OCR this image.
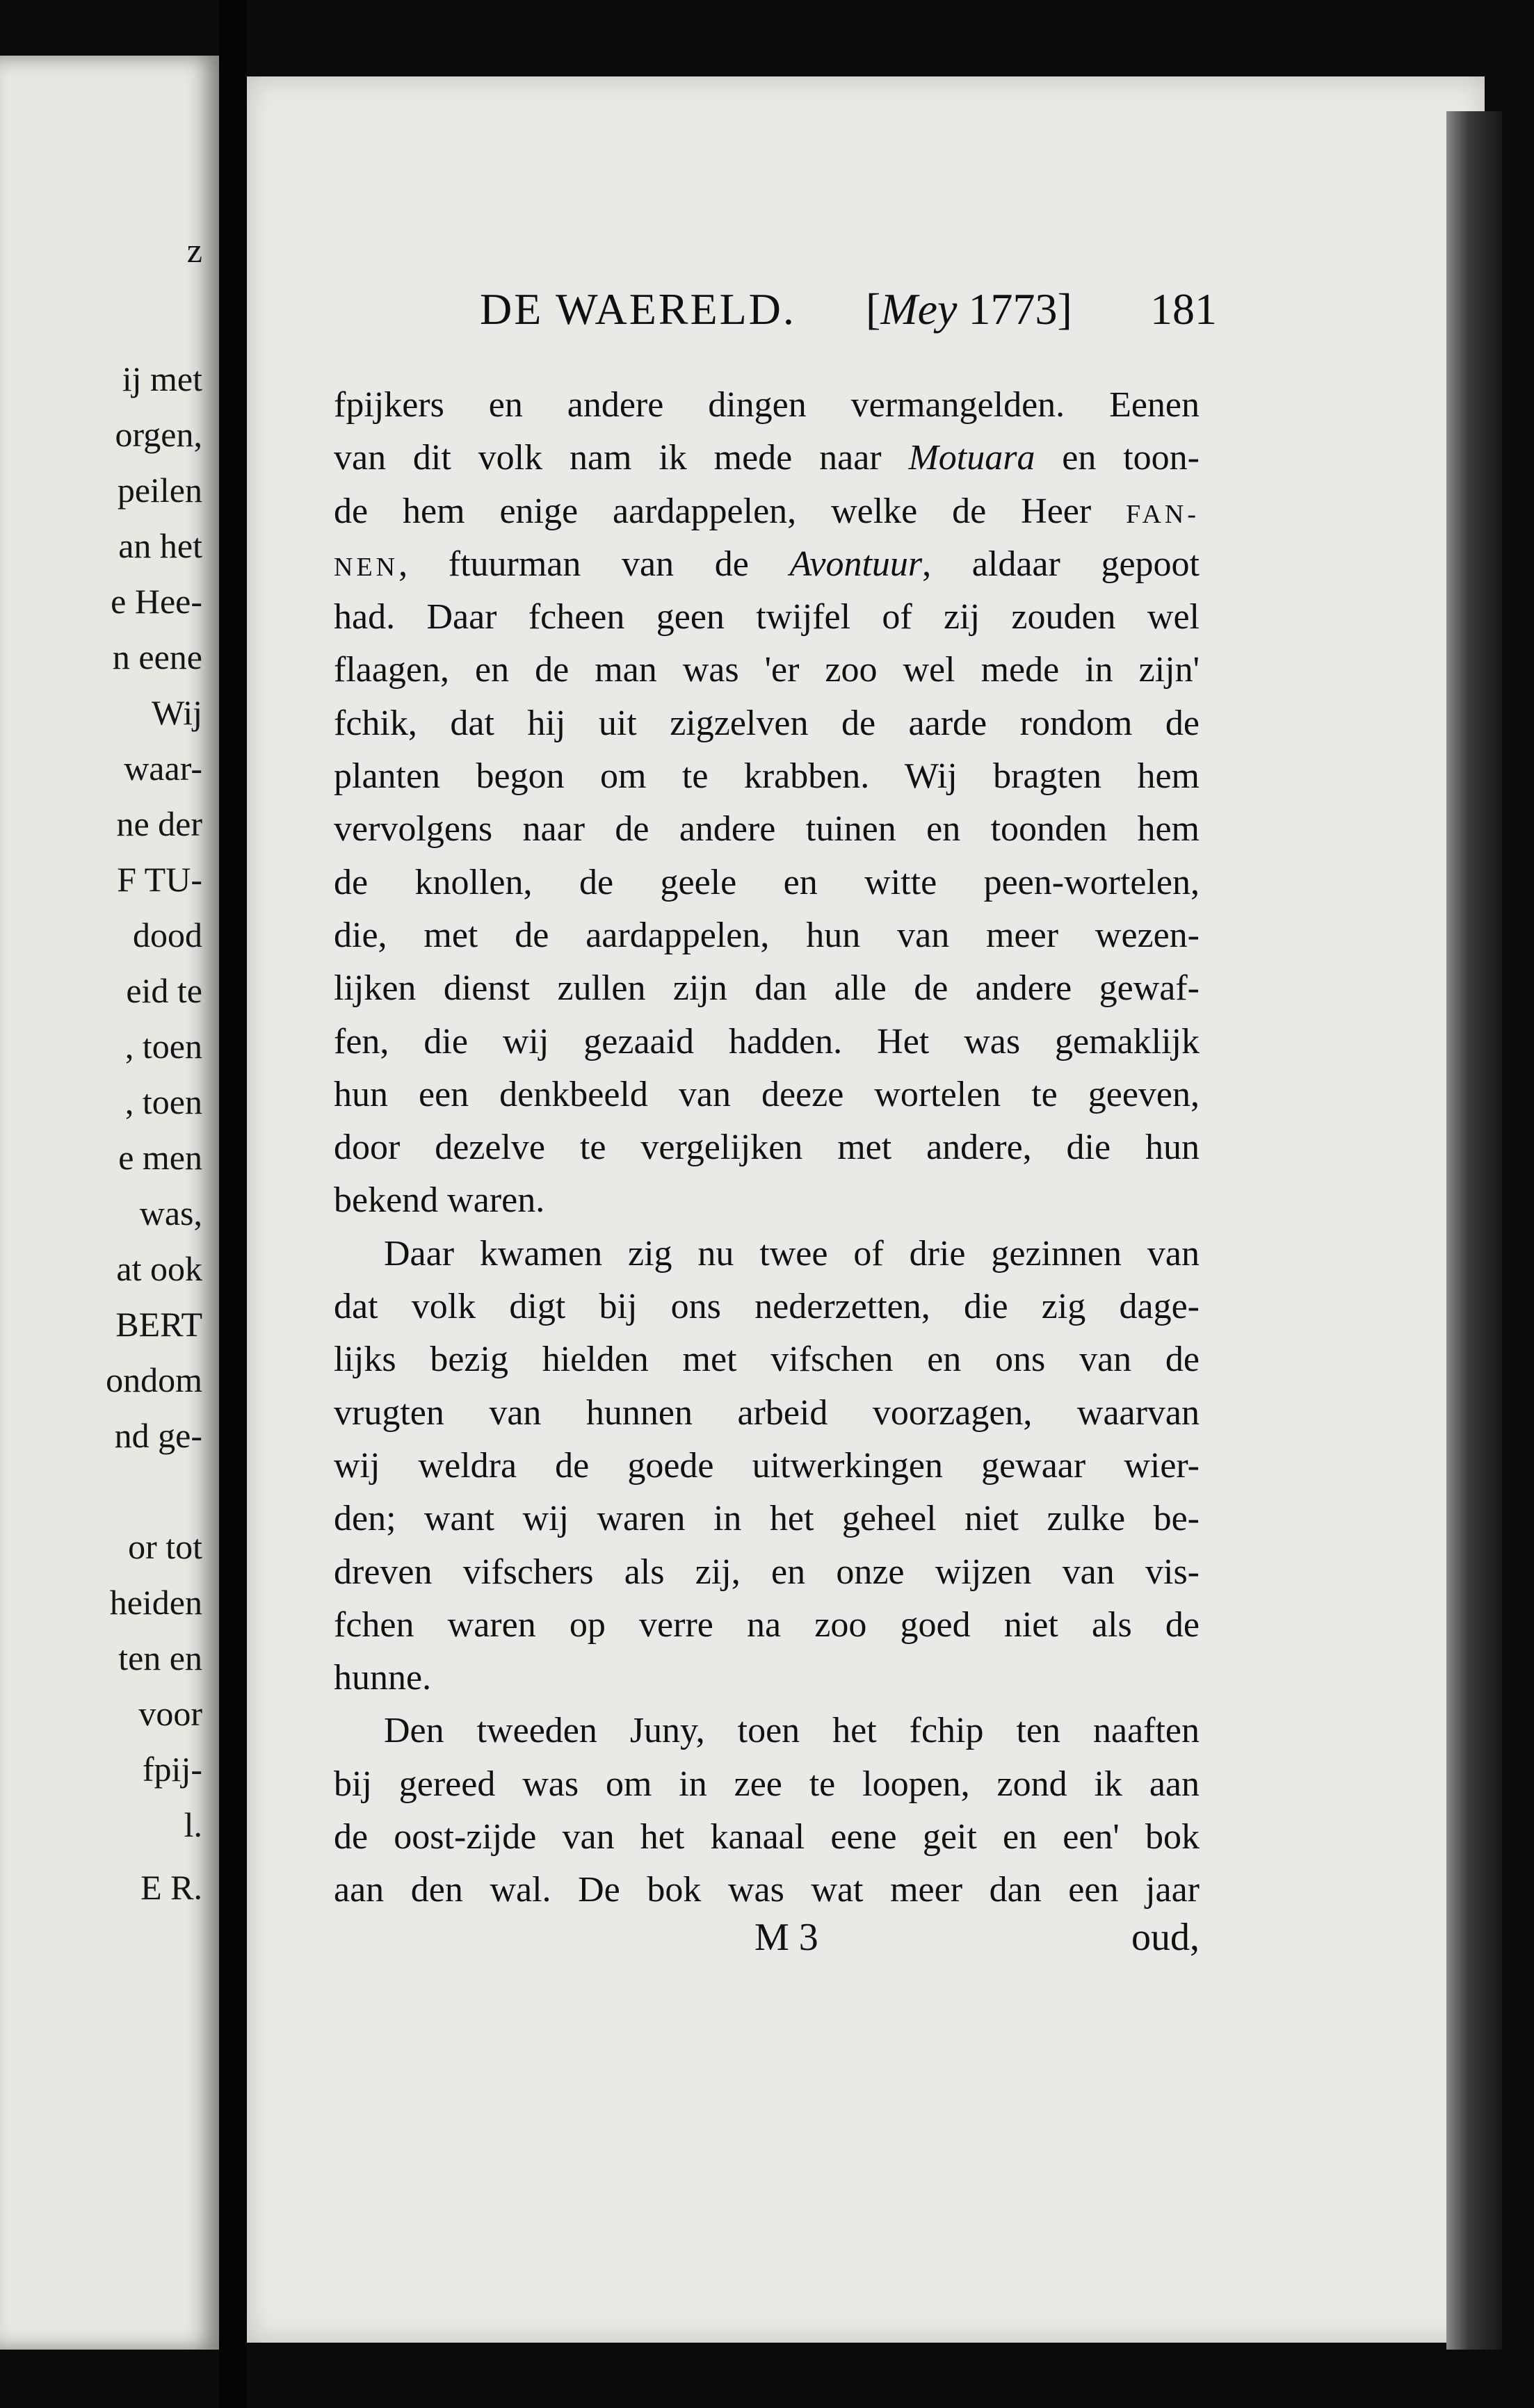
z
ij met
orgen,
peilen
an het
e Hee-
n eene
Wij
waar-
ne der
F TU-
dood
eid te
, toen
, toen
e men
was,
at ook
BERT
ondom
nd ge-
or tot
heiden
ten en
voor
fpij-
l.
E R.
DE WAERELD. [Mey 1773] 181
fpijkers en andere dingen vermangelden. Eenen
van dit volk nam ik mede naar Motuara en toon-
de hem enige aardappelen, welke de Heer FAN-
NEN, ftuurman van de Avontuur, aldaar gepoot
had. Daar fcheen geen twijfel of zij zouden wel
flaagen, en de man was 'er zoo wel mede in zijn'
fchik, dat hij uit zigzelven de aarde rondom de
planten begon om te krabben. Wij bragten hem
vervolgens naar de andere tuinen en toonden hem
de knollen, de geele en witte peen-wortelen,
die, met de aardappelen, hun van meer wezen-
lijken dienst zullen zijn dan alle de andere gewaf-
fen, die wij gezaaid hadden. Het was gemaklijk
hun een denkbeeld van deeze wortelen te geeven,
door dezelve te vergelijken met andere, die hun
bekend waren.
Daar kwamen zig nu twee of drie gezinnen van
dat volk digt bij ons nederzetten, die zig dage-
lijks bezig hielden met vifschen en ons van de
vrugten van hunnen arbeid voorzagen, waarvan
wij weldra de goede uitwerkingen gewaar wier-
den; want wij waren in het geheel niet zulke be-
dreven vifschers als zij, en onze wijzen van vis-
fchen waren op verre na zoo goed niet als de
hunne.
Den tweeden Juny, toen het fchip ten naaften
bij gereed was om in zee te loopen, zond ik aan
de oost-zijde van het kanaal eene geit en een' bok
aan den wal. De bok was wat meer dan een jaar
M 3	oud,
